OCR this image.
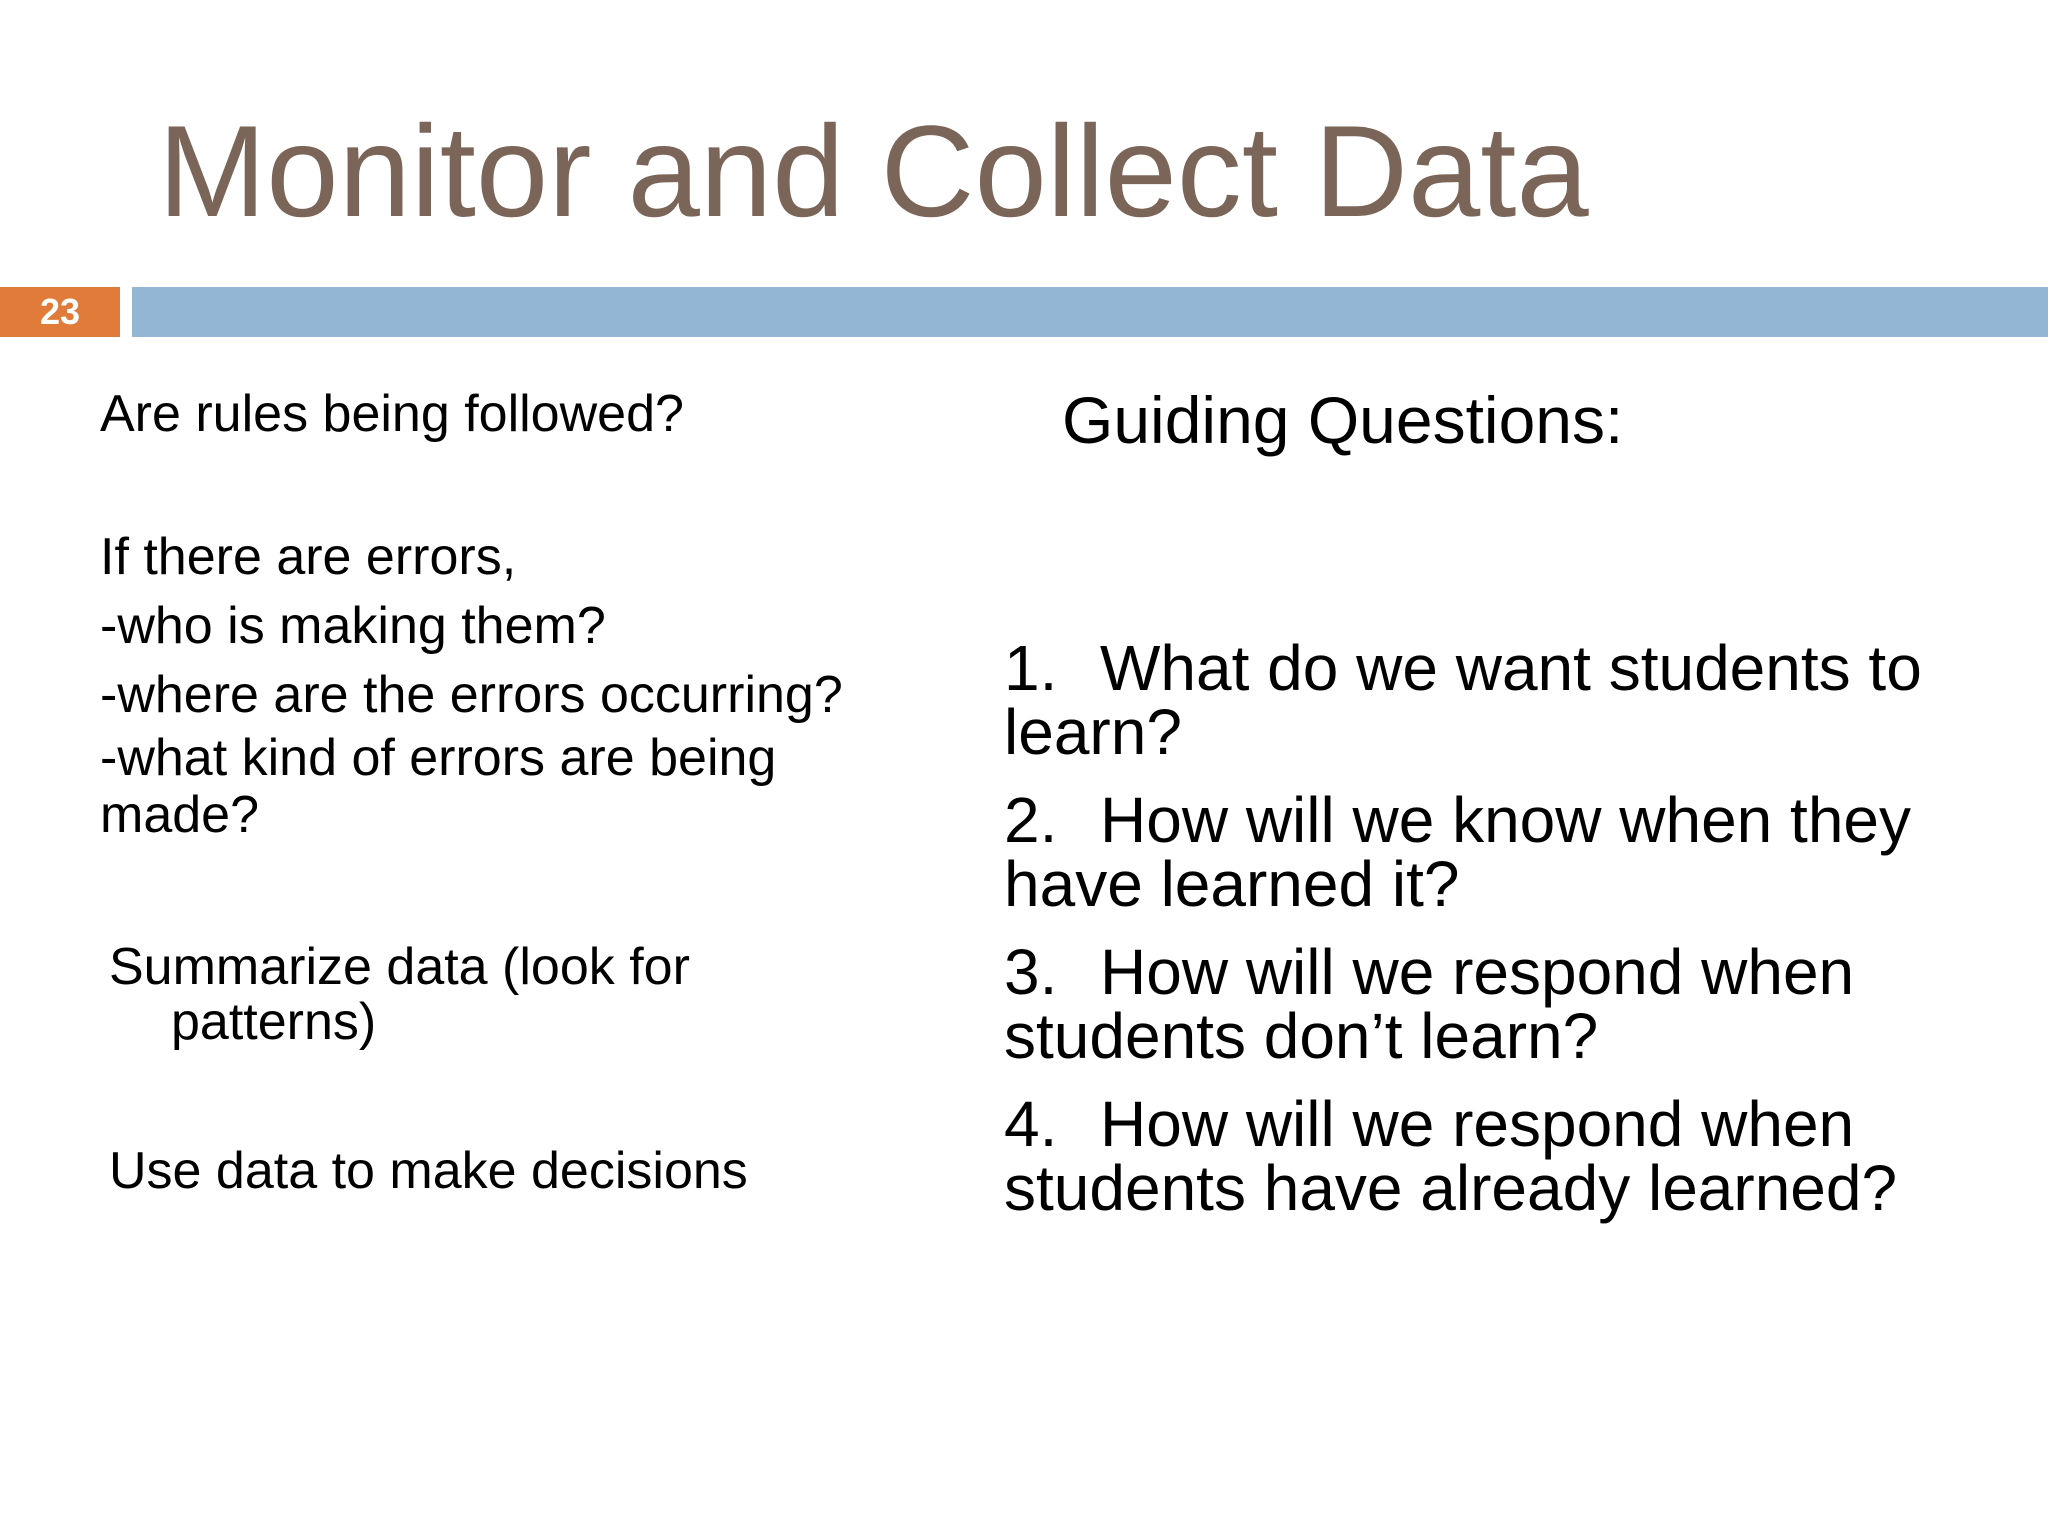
Monitor and Collect Data
23
Are rules being followed?
If there are errors,
-who is making them?
-where are the errors occurring?
-what kind of errors are being made?
Summarize data (look for patterns)
Use data to make decisions
Guiding Questions:
1. What do we want students to learn?
2. How will we know when they have learned it?
3. How will we respond when students don’t learn?
4. How will we respond when students have already learned?
